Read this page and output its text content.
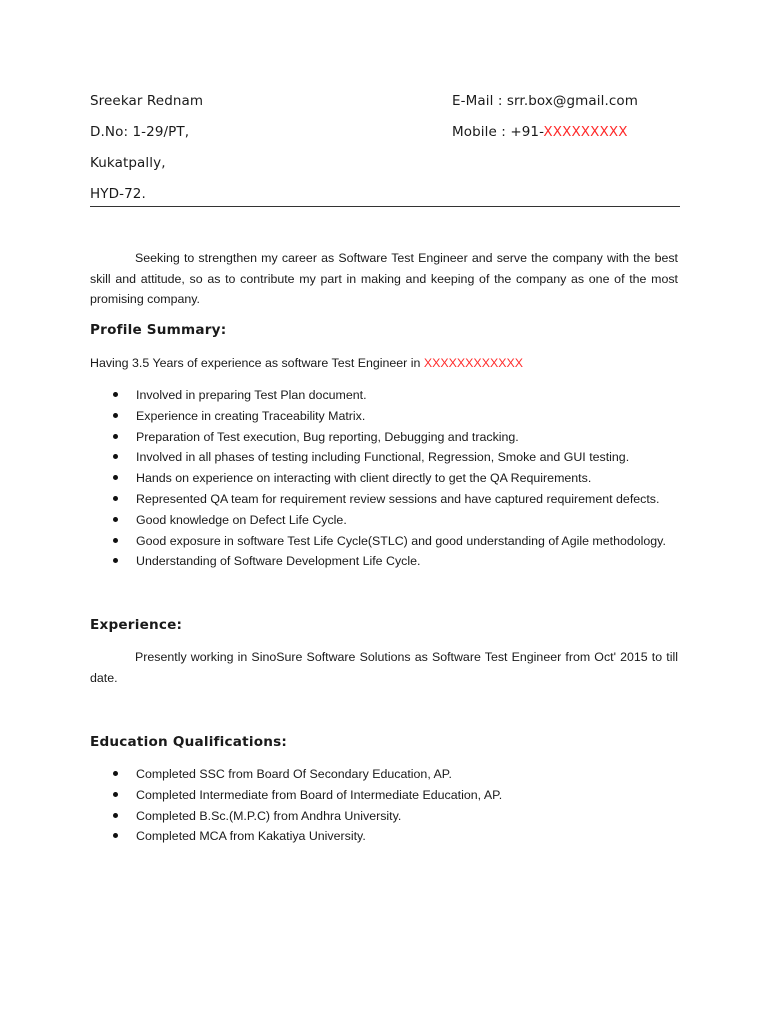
Sreekar Rednam
D.No: 1-29/PT,
Kukatpally,
HYD-72.
E-Mail : srr.box@gmail.com
Mobile : +91-XXXXXXXXX
Seeking to strengthen my career as Software Test Engineer and serve the company with the best skill and attitude, so as to contribute my part in making and keeping of the company as one of the most promising company.
Profile Summary:
Having 3.5 Years of experience as software Test Engineer in XXXXXXXXXXXX
Involved in preparing Test Plan document.
Experience in creating Traceability Matrix.
Preparation of Test execution, Bug reporting, Debugging and tracking.
Involved in all phases of testing including Functional, Regression, Smoke and GUI testing.
Hands on experience on interacting with client directly to get the QA Requirements.
Represented QA team for requirement review sessions and have captured requirement defects.
Good knowledge on Defect Life Cycle.
Good exposure in software Test Life Cycle(STLC) and good understanding of Agile methodology.
Understanding of Software Development Life Cycle.
Experience:
Presently working in SinoSure Software Solutions as Software Test Engineer from Oct' 2015 to till date.
Education Qualifications:
Completed SSC from Board Of Secondary Education, AP.
Completed Intermediate from Board of Intermediate Education, AP.
Completed B.Sc.(M.P.C) from Andhra University.
Completed MCA from Kakatiya University.
